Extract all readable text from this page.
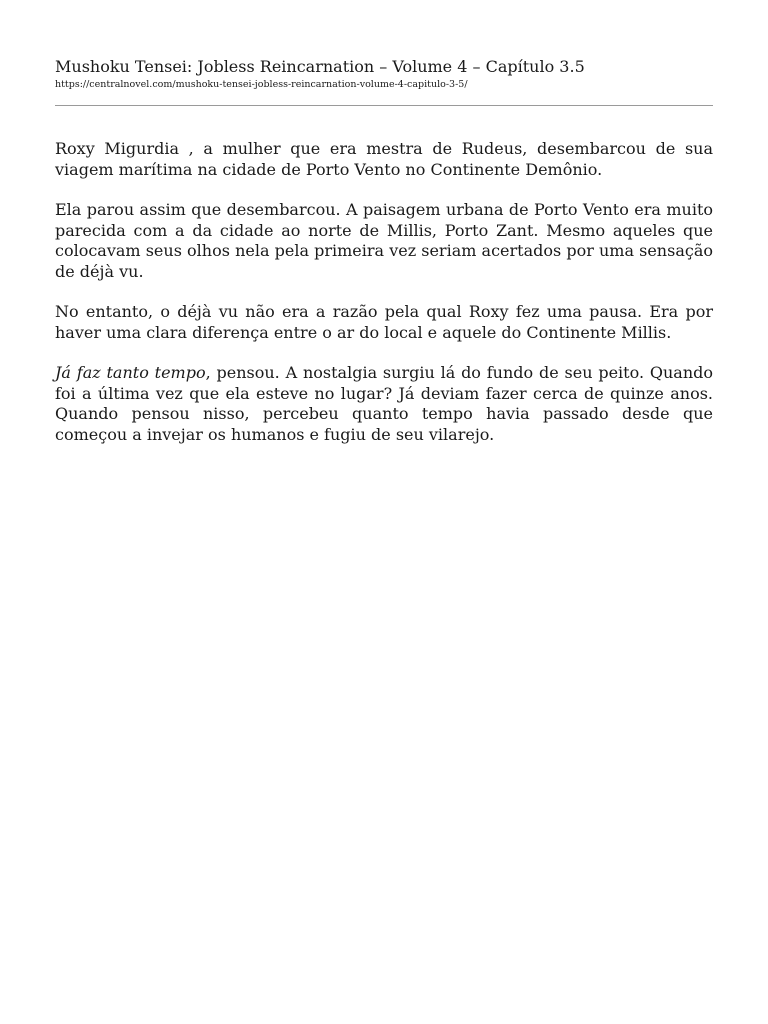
Mushoku Tensei: Jobless Reincarnation – Volume 4 – Capítulo 3.5
https://centralnovel.com/mushoku-tensei-jobless-reincarnation-volume-4-capitulo-3-5/

Roxy Migurdia , a mulher que era mestra de Rudeus, desembarcou de sua viagem marítima na cidade de Porto Vento no Continente Demônio.

Ela parou assim que desembarcou. A paisagem urbana de Porto Vento era muito parecida com a da cidade ao norte de Millis, Porto Zant. Mesmo aqueles que colocavam seus olhos nela pela primeira vez seriam acertados por uma sensação de déjà vu.

No entanto, o déjà vu não era a razão pela qual Roxy fez uma pausa. Era por haver uma clara diferença entre o ar do local e aquele do Continente Millis.

Já faz tanto tempo, pensou. A nostalgia surgiu lá do fundo de seu peito. Quando foi a última vez que ela esteve no lugar? Já deviam fazer cerca de quinze anos. Quando pensou nisso, percebeu quanto tempo havia passado desde que começou a invejar os humanos e fugiu de seu vilarejo.
